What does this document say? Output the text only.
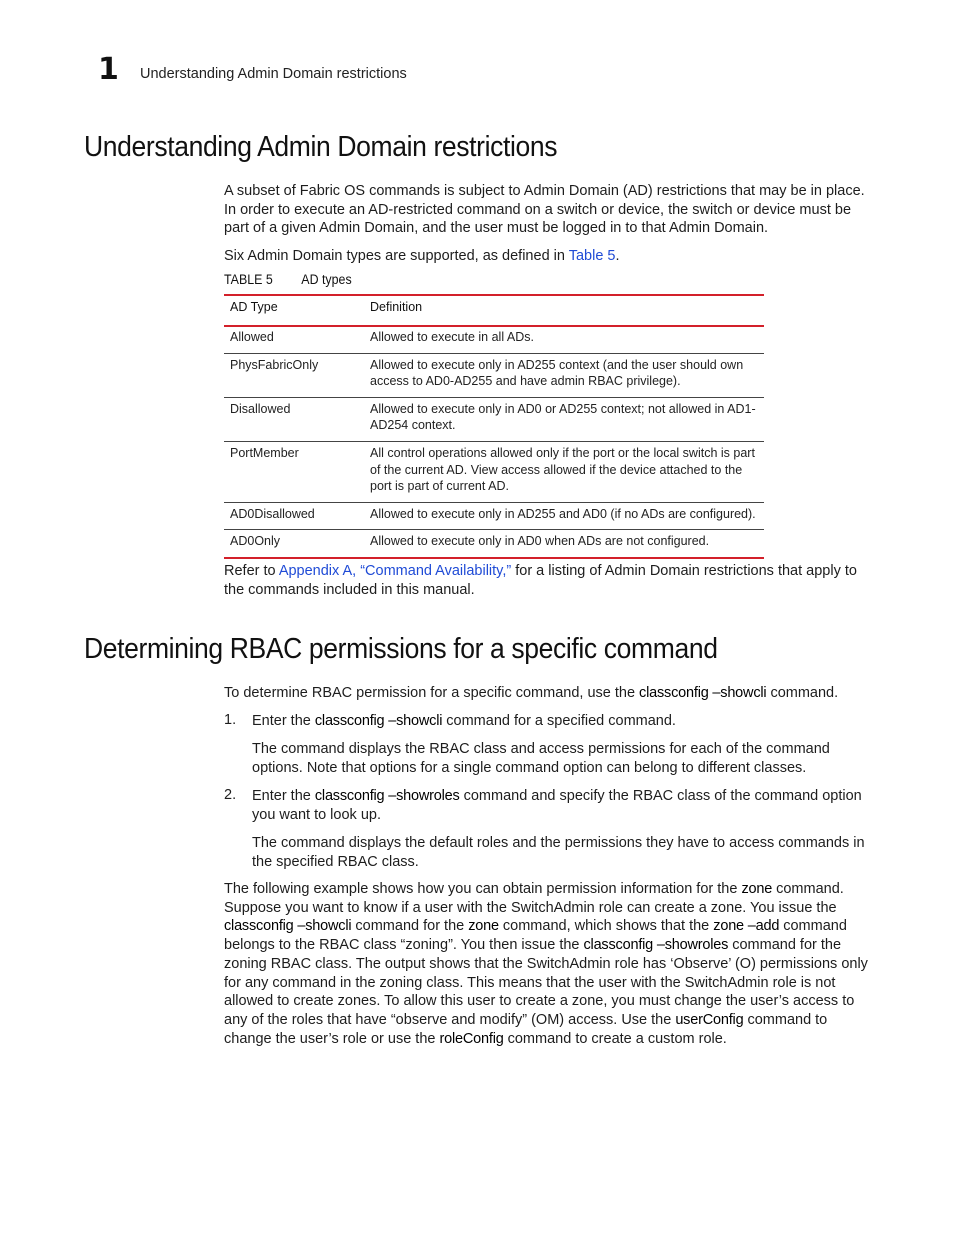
1 Understanding Admin Domain restrictions
Understanding Admin Domain restrictions

A subset of Fabric OS commands is subject to Admin Domain (AD) restrictions that may be in place. In order to execute an AD-restricted command on a switch or device, the switch or device must be part of a given Admin Domain, and the user must be logged in to that Admin Domain.

Six Admin Domain types are supported, as defined in Table 5.

TABLE 5 AD types
AD Type	Definition
Allowed	Allowed to execute in all ADs.
PhysFabricOnly	Allowed to execute only in AD255 context (and the user should own access to AD0-AD255 and have admin RBAC privilege).
Disallowed	Allowed to execute only in AD0 or AD255 context; not allowed in AD1-AD254 context.
PortMember	All control operations allowed only if the port or the local switch is part of the current AD. View access allowed if the device attached to the port is part of current AD.
AD0Disallowed	Allowed to execute only in AD255 and AD0 (if no ADs are configured).
AD0Only	Allowed to execute only in AD0 when ADs are not configured.

Refer to Appendix A, “Command Availability,” for a listing of Admin Domain restrictions that apply to the commands included in this manual.

Determining RBAC permissions for a specific command

To determine RBAC permission for a specific command, use the classconfig –showcli command.

1. Enter the classconfig –showcli command for a specified command.

The command displays the RBAC class and access permissions for each of the command options. Note that options for a single command option can belong to different classes.

2. Enter the classconfig –showroles command and specify the RBAC class of the command option you want to look up.

The command displays the default roles and the permissions they have to access commands in the specified RBAC class.

The following example shows how you can obtain permission information for the zone command. Suppose you want to know if a user with the SwitchAdmin role can create a zone. You issue the classconfig –showcli command for the zone command, which shows that the zone –add command belongs to the RBAC class “zoning”. You then issue the classconfig –showroles command for the zoning RBAC class. The output shows that the SwitchAdmin role has ‘Observe’ (O) permissions only for any command in the zoning class. This means that the user with the SwitchAdmin role is not allowed to create zones. To allow this user to create a zone, you must change the user’s access to any of the roles that have “observe and modify” (OM) access. Use the userConfig command to change the user’s role or use the roleConfig command to create a custom role.
